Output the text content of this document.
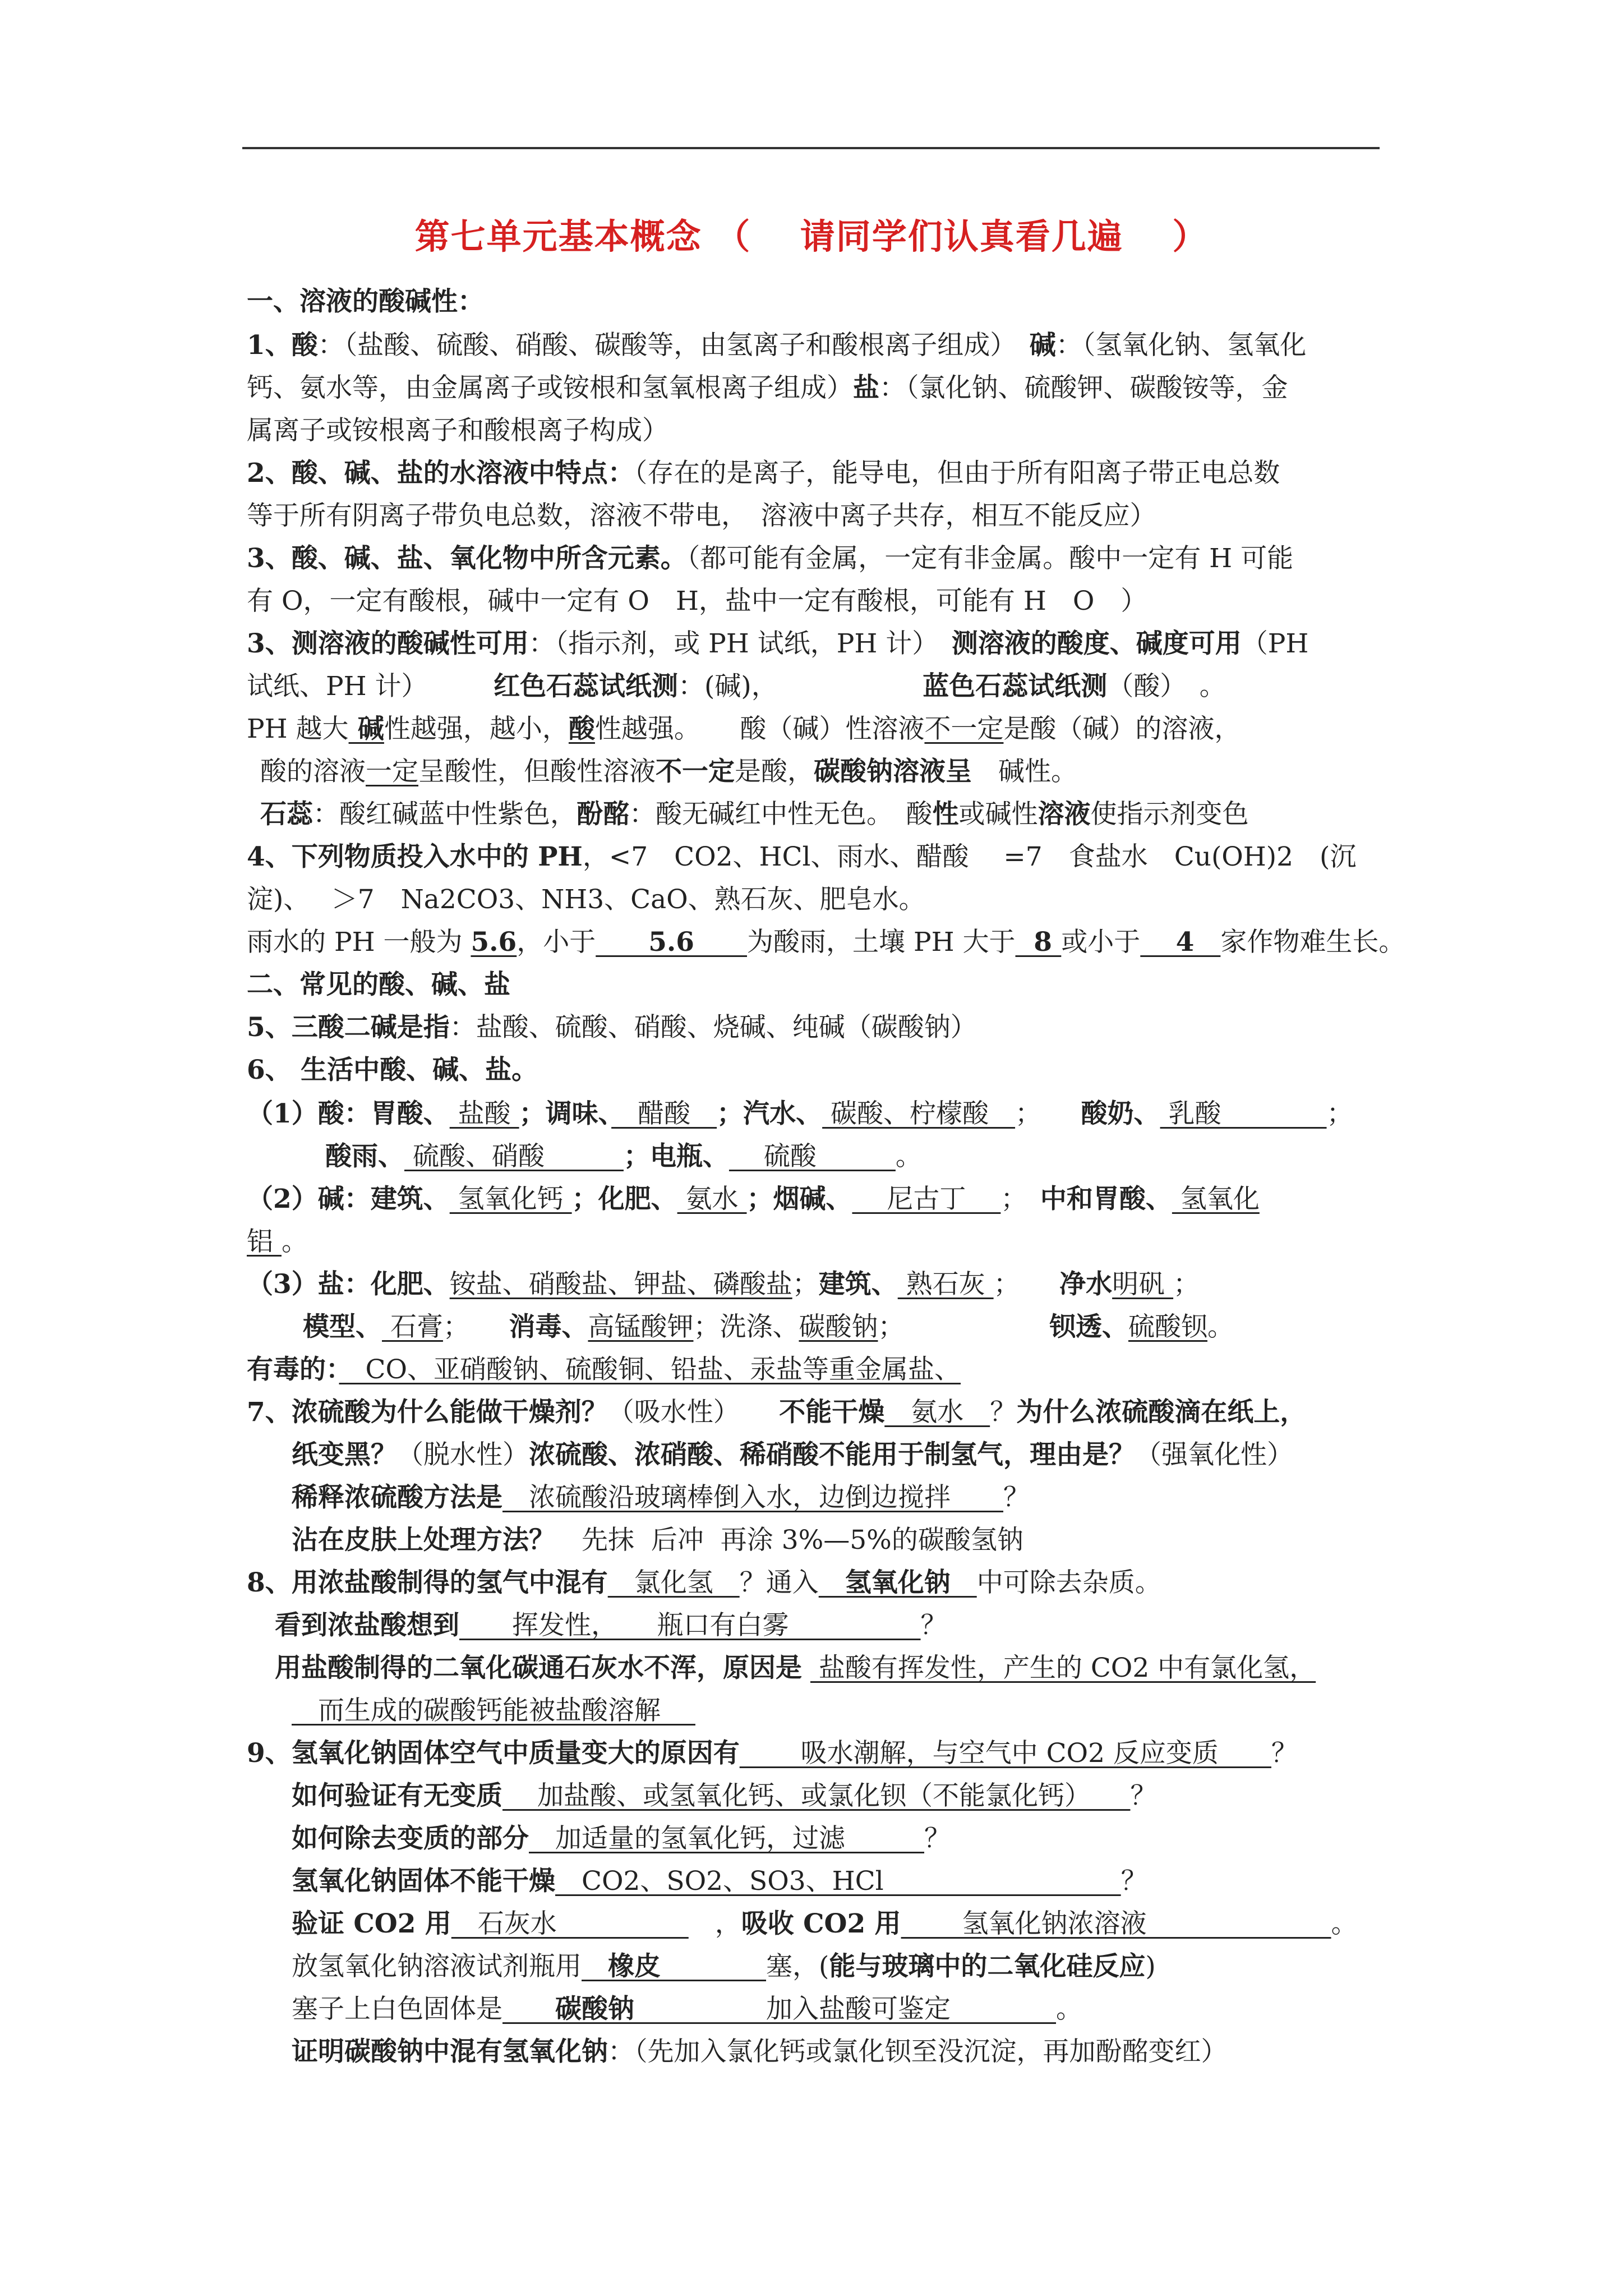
第七单元基本概念 （　 请同学们认真看几遍　 ）
一、溶液的酸碱性：
1、酸：（盐酸、硫酸、硝酸、碳酸等，由氢离子和酸根离子组成）　碱：（氢氧化钠、氢氧化
钙、氨水等，由金属离子或铵根和氢氧根离子组成）盐：（氯化钠、硫酸钾、碳酸铵等，金
属离子或铵根离子和酸根离子构成）
2、酸、碱、盐的水溶液中特点：（存在的是离子，能导电，但由于所有阳离子带正电总数
等于所有阴离子带负电总数，溶液不带电，　溶液中离子共存，相互不能反应）
3、酸、碱、盐、氧化物中所含元素。（都可能有金属，一定有非金属。酸中一定有 H 可能
有 O，一定有酸根，碱中一定有 O　H，盐中一定有酸根，可能有 H　O　）
3、测溶液的酸碱性可用：（指示剂，或 PH 试纸，PH 计）　测溶液的酸度、碱度可用（PH
试纸、PH 计）　　　红色石蕊试纸测：(碱)，　　　　　　蓝色石蕊试纸测（酸）　。
PH 越大 碱性越强，越小，酸性越强。　　酸（碱）性溶液不一定是酸（碱）的溶液，
酸的溶液一定呈酸性，但酸性溶液不一定是酸，碳酸钠溶液呈　碱性。
石蕊：酸红碱蓝中性紫色，酚酩：酸无碱红中性无色。　酸性或碱性溶液使指示剂变色
4、下列物质投入水中的 PH，<7　CO2、HCl、雨水、醋酸　 =7　食盐水　Cu(OH)2　(沉
淀)、　 ＞7　Na2CO3、NH3、CaO、熟石灰、肥皂水。
雨水的 PH 一般为 5.6，小于　　5.6　　为酸雨，土壤 PH 大于  8 或小于　 4　家作物难生长。
二、常见的酸、碱、盐
5、三酸二碱是指：盐酸、硫酸、硝酸、烧碱、纯碱（碳酸钠）
6、 生活中酸、碱、盐。
（1）酸：胃酸、 盐酸 ；调味、　醋酸　；汽水、 碳酸、柠檬酸　；　　酸奶、 乳酸　　　　；
酸雨、 硫酸、硝酸　　　；电瓶、 　硫酸　　　。
（2）碱：建筑、 氢氧化钙 ；化肥、 氨水 ；烟碱、 　尼古丁　 ；　中和胃酸、 氢氧化
铝 。
（3）盐：化肥、铵盐、硝酸盐、钾盐、磷酸盐；建筑、 熟石灰 ；　　净水明矾 ；
模型、 石膏；　　消毒、高锰酸钾；洗涤、碳酸钠；　　　　　　钡透、硫酸钡。
有毒的：　CO、亚硝酸钠、硫酸铜、铅盐、汞盐等重金属盐、
7、浓硫酸为什么能做干燥剂？（吸水性）　　不能干燥　氨水　？为什么浓硫酸滴在纸上，
纸变黑？（脱水性）浓硫酸、浓硝酸、稀硝酸不能用于制氢气，理由是？（强氧化性）
稀释浓硫酸方法是　浓硫酸沿玻璃棒倒入水，边倒边搅拌　　？
沾在皮肤上处理方法？　先抹  后冲  再涂 3%—5%的碳酸氢钠
8、用浓盐酸制得的氢气中混有　氯化氢　？通入　氢氧化钠　中可除去杂质。
看到浓盐酸想到　　挥发性，　　瓶口有白雾　　　　　？
用盐酸制得的二氧化碳通石灰水不浑，原因是  盐酸有挥发性，产生的 CO2 中有氯化氢，
　而生成的碳酸钙能被盐酸溶解　
9、氢氧化钠固体空气中质量变大的原因有　　 吸水潮解，与空气中 CO2 反应变质　　？
如何验证有无变质　 加盐酸、或氢氧化钙、或氯化钡（不能氯化钙）　　？
如何除去变质的部分　加适量的氢氧化钙，过滤　　　？
氢氧化钠固体不能干燥　CO2、SO2、SO3、HCl　　　　　　　　　？
验证 CO2 用　石灰水　　　　　　，吸收 CO2 用　　 氢氧化钠浓溶液　　　　　　　。
放氢氧化钠溶液试剂瓶用　橡皮　　　　塞，(能与玻璃中的二氧化硅反应)
塞子上白色固体是　　碳酸钠　　　　　加入盐酸可鉴定　　　　。
证明碳酸钠中混有氢氧化钠：（先加入氯化钙或氯化钡至没沉淀，再加酚酩变红）
